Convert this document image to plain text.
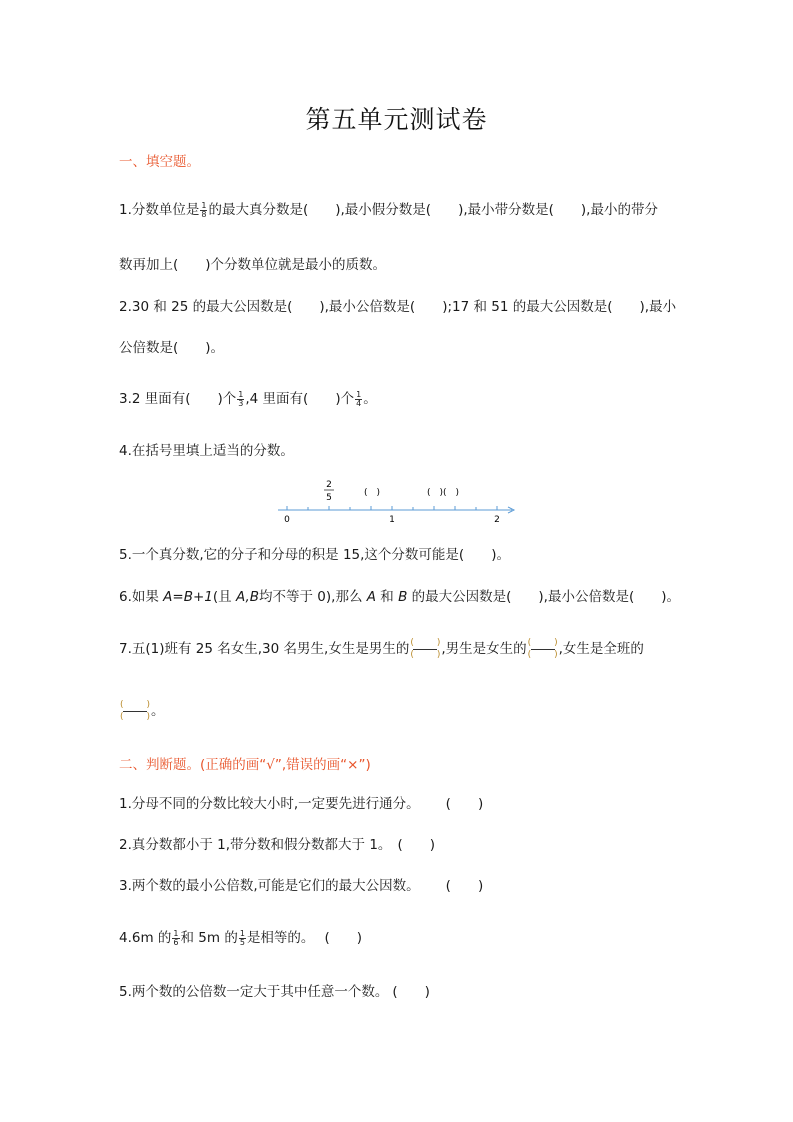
第五单元测试卷
一、填空题。
1.分数单位是 $\frac{1}{8}$ 的最大真分数是(　　),最小假分数是(　　),最小带分数是(　　),最小的带分
数再加上(　　)个分数单位就是最小的质数。
2.30 和 25 的最大公因数是(　　),最小公倍数是(　　);17 和 51 的最大公因数是(　　),最小
公倍数是(　　)。
3.2 里面有(　　)个 $\frac{1}{3} ,4$ 里面有(　　)个 $\frac{1}{4}$ 。
4.在括号里填上适当的分数。
2
5	(　)	(　)(　)
0	1	2
5.一个真分数,它的分子和分母的积是 15,这个分数可能是(　　)。
6.如果 A=B+1(且 A,B均不等于 0),那么 A 和 B 的最大公因数是(　　),最小公倍数是(　　)。
7.五(1)班有 25 名女生,30 名男生,女生是男生的 (	)
(	) ,男生是女生的 (	)
(	) ,女生是全班的
(	)
(	) 。
二、判断题。(正确的画“√”,错误的画“×”)
1.分母不同的分数比较大小时,一定要先进行通分。 (　　)
2.真分数都小于 1,带分数和假分数都大于 1。 (　　)
3.两个数的最小公倍数,可能是它们的最大公因数。 (　　)
4.6m 的 $\frac{1}{6}$ 和 5m 的 $\frac{1}{5}$ 是相等的。 (　　)
5.两个数的公倍数一定大于其中任意一个数。 (　　)
